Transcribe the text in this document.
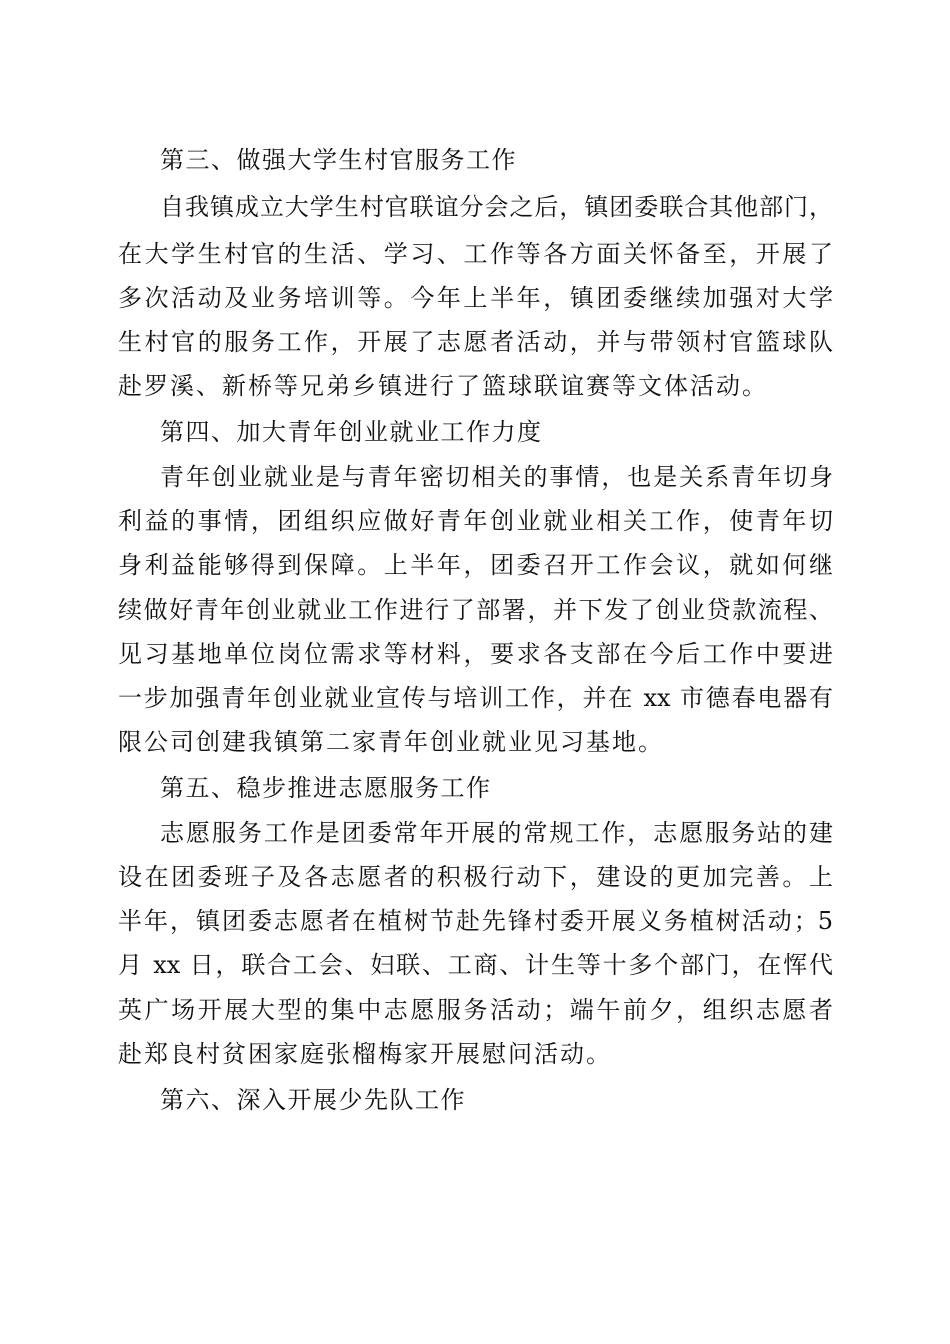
第三、做强大学生村官服务工作
自我镇成立大学生村官联谊分会之后，镇团委联合其他部门，
在大学生村官的生活、学习、工作等各方面关怀备至，开展了
多次活动及业务培训等。今年上半年，镇团委继续加强对大学
生村官的服务工作，开展了志愿者活动，并与带领村官篮球队
赴罗溪、新桥等兄弟乡镇进行了篮球联谊赛等文体活动。
第四、加大青年创业就业工作力度
青年创业就业是与青年密切相关的事情，也是关系青年切身
利益的事情，团组织应做好青年创业就业相关工作，使青年切
身利益能够得到保障。上半年，团委召开工作会议，就如何继
续做好青年创业就业工作进行了部署，并下发了创业贷款流程、
见习基地单位岗位需求等材料，要求各支部在今后工作中要进
一步加强青年创业就业宣传与培训工作，并在 xx 市德春电器有
限公司创建我镇第二家青年创业就业见习基地。
第五、稳步推进志愿服务工作
志愿服务工作是团委常年开展的常规工作，志愿服务站的建
设在团委班子及各志愿者的积极行动下，建设的更加完善。上
半年，镇团委志愿者在植树节赴先锋村委开展义务植树活动；5
月 xx 日，联合工会、妇联、工商、计生等十多个部门，在恽代
英广场开展大型的集中志愿服务活动；端午前夕，组织志愿者
赴郑良村贫困家庭张榴梅家开展慰问活动。
第六、深入开展少先队工作
